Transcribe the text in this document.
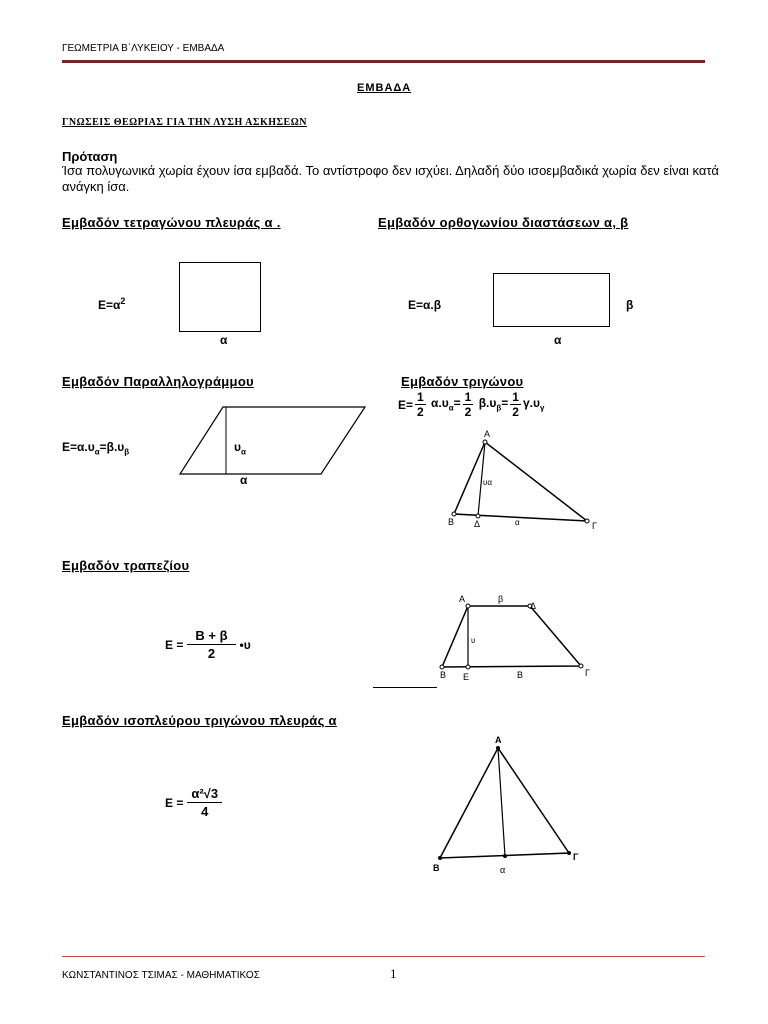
ΓΕΩΜΕΤΡΙΑ Β΄ΛΥΚΕΙΟΥ - ΕΜΒΑΔΑ
ΕΜΒΑΔΑ
ΓΝΩΣΕΙΣ ΘΕΩΡΙΑΣ ΓΙΑ ΤΗΝ ΛΥΣΗ ΑΣΚΗΣΕΩΝ
Πρόταση
Ίσα πολυγωνικά χωρία έχουν ίσα εμβαδά. Το αντίστροφο δεν ισχύει. Δηλαδή δύο ισοεμβαδικά χωρία δεν είναι κατά ανάγκη ίσα.
Εμβαδόν τετραγώνου πλευράς α .
$E=\alpha^2$
α
Εμβαδόν ορθογωνίου διαστάσεων α, β
Ε=α.β	β
α
Εμβαδόν Παραλληλογράμμου
$E=\alpha.\upsilon_\alpha=\beta.\upsilon_\beta$	$\upsilon_\alpha$
α
Εμβαδόν τριγώνου
$E= \frac{1}{2} \alpha.\upsilon_\alpha= \frac{1}{2} \beta.\upsilon_\beta= \frac{1}{2} \gamma.\upsilon_\gamma$
Α
Β Δ	Γ
υα
α
Εμβαδόν τραπεζίου
$E = \frac{B + \beta}{2}$ •υ
Α	β
Δ
υ
Β Ε	Β	Γ
Εμβαδόν ισοπλεύρου τριγώνου πλευράς α
$E = \frac{\text{α²√3}}{4}$
Α
Β
Γ
α
ΚΩΝΣΤΑΝΤΙΝΟΣ ΤΣΙΜΑΣ - ΜΑΘΗΜΑΤΙΚΟΣ	1
